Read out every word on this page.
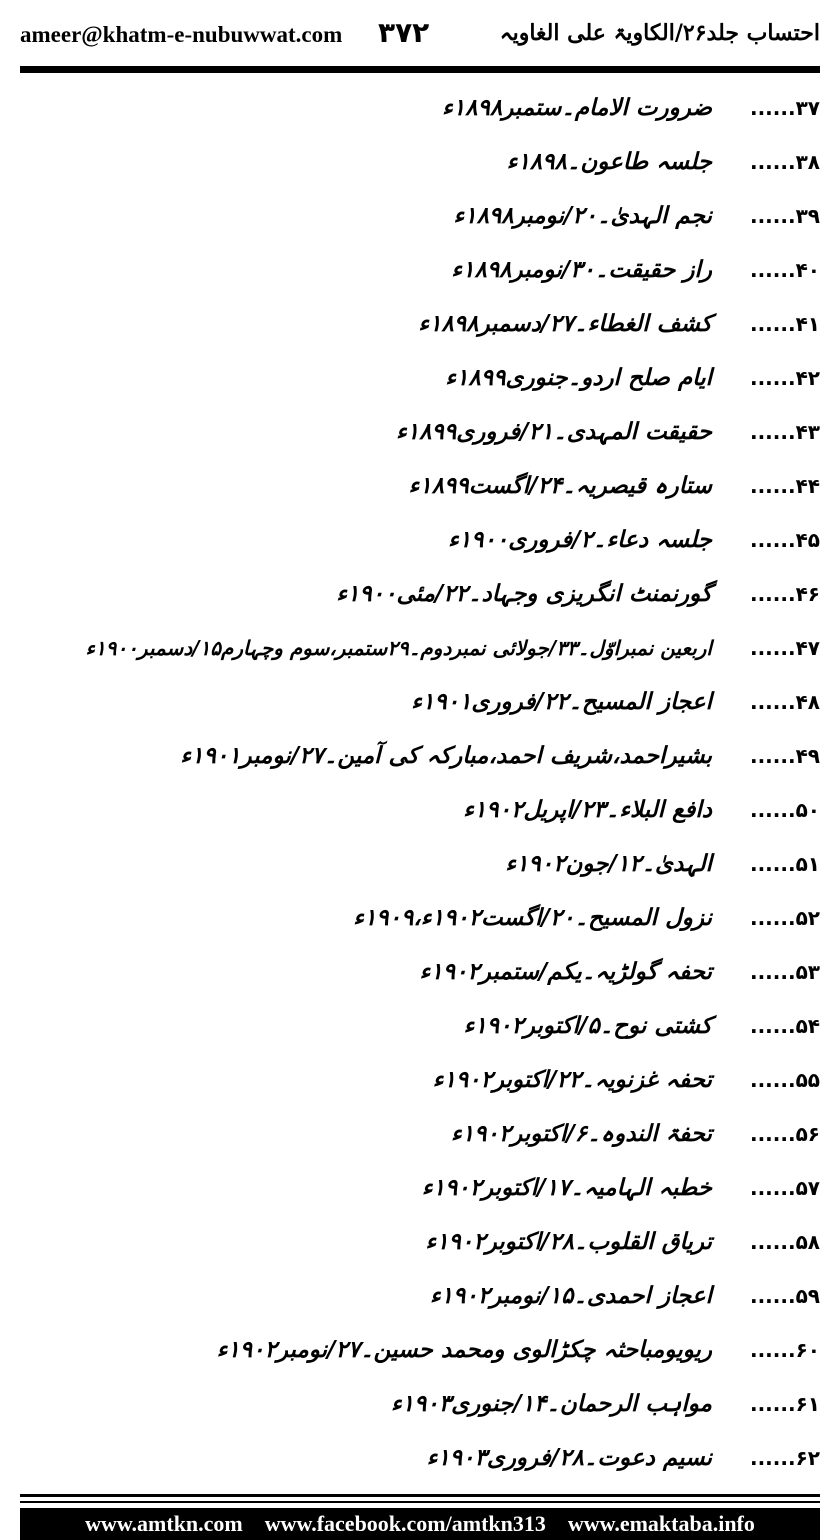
ameer@khatm-e-nubuwwat.com ۳۷۲	احتساب جلد۲۶/الکاویۃ علی الغاویہ
۳۷......
ضرورت الامام۔ستمبر۱۸۹۸ء
۳۸......
جلسہ طاعون۔۱۸۹۸ء
۳۹......
نجم الہدیٰ۔۲۰/نومبر۱۸۹۸ء
۴۰......
راز حقیقت۔۳۰/نومبر۱۸۹۸ء
۴۱......
کشف الغطاء۔۲۷/دسمبر۱۸۹۸ء
۴۲......
ایام صلح اردو۔جنوری۱۸۹۹ء
۴۳......
حقیقت المہدی۔۲۱/فروری۱۸۹۹ء
۴۴......
ستارہ قیصریہ۔۲۴/اگست۱۸۹۹ء
۴۵......
جلسہ دعاء۔۲/فروری۱۹۰۰ء
۴۶......
گورنمنٹ انگریزی وجہاد۔۲۲/مئی۱۹۰۰ء
۴۷......
اربعین نمبراوّل۔۳۳/جولائی نمبردوم۔۲۹ستمبر،سوم وچہارم۱۵/دسمبر۱۹۰۰ء
۴۸......
اعجاز المسیح۔۲۲/فروری۱۹۰۱ء
۴۹......
بشیراحمد،شریف احمد،مبارکہ کی آمین۔۲۷/نومبر۱۹۰۱ء
۵۰......
دافع البلاء۔۲۳/اپریل۱۹۰۲ء
۵۱......
الہدیٰ۔۱۲/جون۱۹۰۲ء
۵۲......
نزول المسیح۔۲۰/اگست۱۹۰۲ء،۱۹۰۹ء
۵۳......
تحفہ گولڑیہ۔یکم/ستمبر۱۹۰۲ء
۵۴......
کشتی نوح۔۵/اکتوبر۱۹۰۲ء
۵۵......
تحفہ غزنویہ۔۲۲/اکتوبر۱۹۰۲ء
۵۶......
تحفۃ الندوہ۔۶/اکتوبر۱۹۰۲ء
۵۷......
خطبہ الہامیہ۔۱۷/اکتوبر۱۹۰۲ء
۵۸......
تریاق القلوب۔۲۸/اکتوبر۱۹۰۲ء
۵۹......
اعجاز احمدی۔۱۵/نومبر۱۹۰۲ء
۶۰......
ریویومباحثہ چکڑالوی ومحمد حسین۔۲۷/نومبر۱۹۰۲ء
۶۱......
مواہب الرحمان۔۱۴/جنوری۱۹۰۳ء
۶۲......
نسیم دعوت۔۲۸/فروری۱۹۰۳ء
www.amtkn.com www.facebook.com/amtkn313 www.emaktaba.info
